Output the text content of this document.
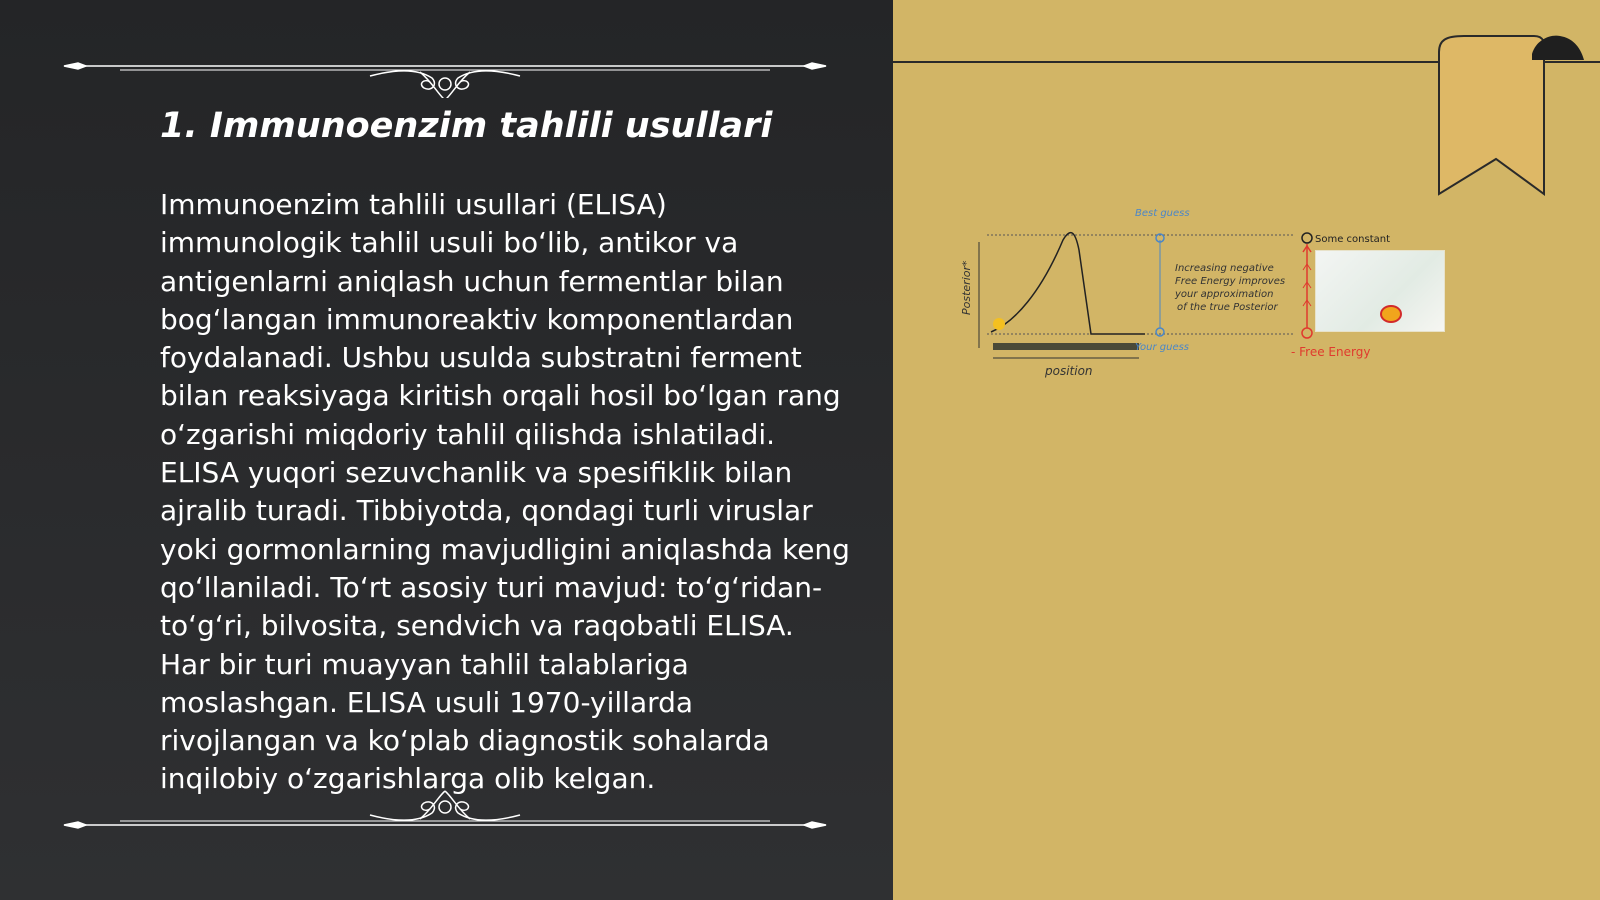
1. Immunoenzim tahlili usullari

Immunoenzim tahlili usullari (ELISA) immunologik tahlil usuli bo‘lib, antikor va antigenlarni aniqlash uchun fermentlar bilan bog‘langan immunoreaktiv komponentlardan foydalanadi. Ushbu usulda substratni ferment bilan reaksiyaga kiritish orqali hosil bo‘lgan rang o‘zgarishi miqdoriy tahlil qilishda ishlatiladi. ELISA yuqori sezuvchanlik va spesifiklik bilan ajralib turadi. Tibbiyotda, qondagi turli viruslar yoki gormonlarning mavjudligini aniqlashda keng qo‘llaniladi. To‘rt asosiy turi mavjud: to‘g‘ridan-to‘g‘ri, bilvosita, sendvich va raqobatli ELISA. Har bir turi muayyan tahlil talablariga moslashgan. ELISA usuli 1970-yillarda rivojlangan va ko‘plab diagnostik sohalarda inqilobiy o‘zgarishlarga olib kelgan.

Posterior*
position
Best guess
Your guess
Increasing negative
Free Energy improves
your approximation
of the true Posterior
Some constant
- Free Energy
